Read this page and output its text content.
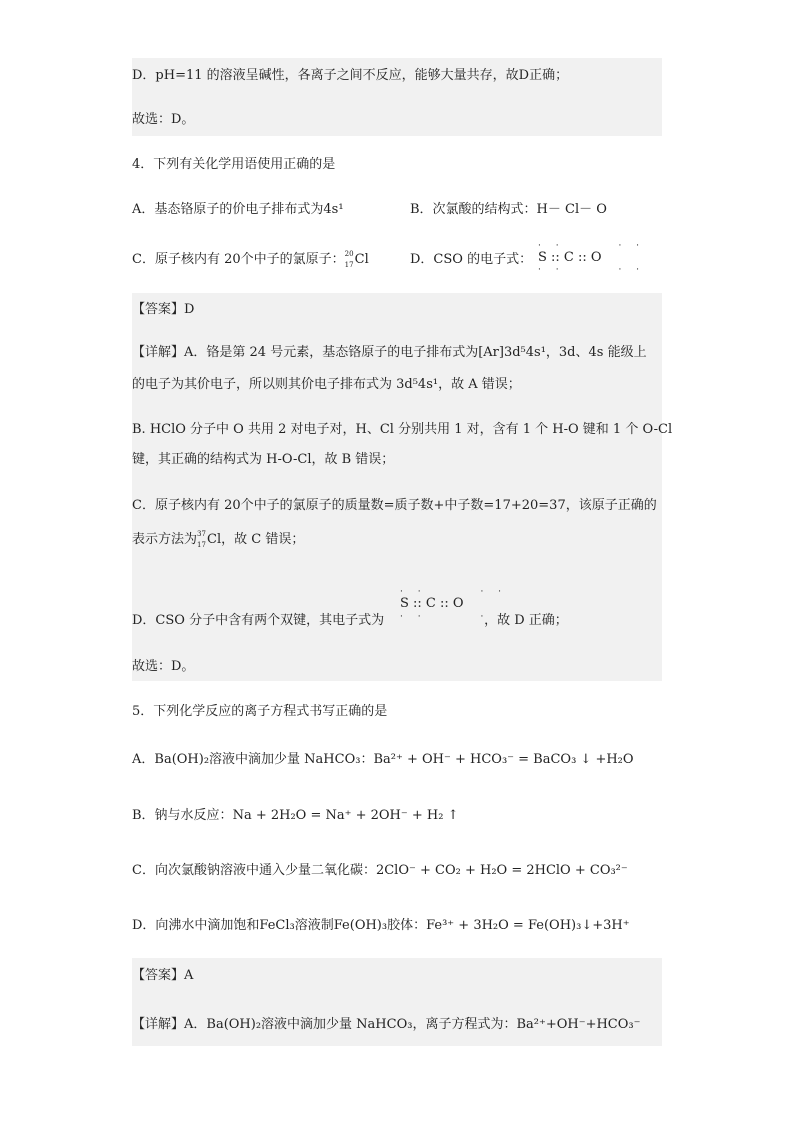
D．pH=11 的溶液呈碱性，各离子之间不反应，能够大量共存，故D正确；
故选：D。
4．下列有关化学用语使用正确的是
A．基态铬原子的价电子排布式为4s¹	B．次氯酸的结构式：H－ Cl－ O
C．原子核内有 20个中子的氯原子： 20
17 Cl	D．CSO 的电子式：
· ·　　 　· ·
S :: C :: O
· ·　　 　· ·
【答案】D
【详解】A．铬是第 24 号元素，基态铬原子的电子排布式为[Ar]3d⁵4s¹，3d、4s 能级上
的电子为其价电子，所以则其价电子排布式为 3d⁵4s¹，故 A 错误；
B. HClO 分子中 O 共用 2 对电子对，H、Cl 分别共用 1 对，含有 1 个 H-O 键和 1 个 O-Cl
键，其正确的结构式为 H-O-Cl，故 B 错误；
C．原子核内有 20个中子的氯原子的质量数=质子数+中子数=17+20=37，该原子正确的
表示方法为 37
17 Cl，故 C 错误；
D．CSO 分子中含有两个双键，其电子式为	，故 D 正确；
· ·　　 　· ·
S :: C :: O
· ·　　 　· ·
故选：D。
5．下列化学反应的离子方程式书写正确的是
A．Ba(OH)₂溶液中滴加少量 NaHCO₃：Ba²⁺ + OH⁻ + HCO₃⁻ = BaCO₃ ↓ +H₂O
B．钠与水反应：Na + 2H₂O = Na⁺ + 2OH⁻ + H₂ ↑
C．向次氯酸钠溶液中通入少量二氧化碳：2ClO⁻ + CO₂ + H₂O = 2HClO + CO₃²⁻
D．向沸水中滴加饱和FeCl₃溶液制Fe(OH)₃胶体：Fe³⁺ + 3H₂O = Fe(OH)₃↓+3H⁺
【答案】A
【详解】A．Ba(OH)₂溶液中滴加少量 NaHCO₃，离子方程式为：Ba²⁺+OH⁻+HCO₃⁻
